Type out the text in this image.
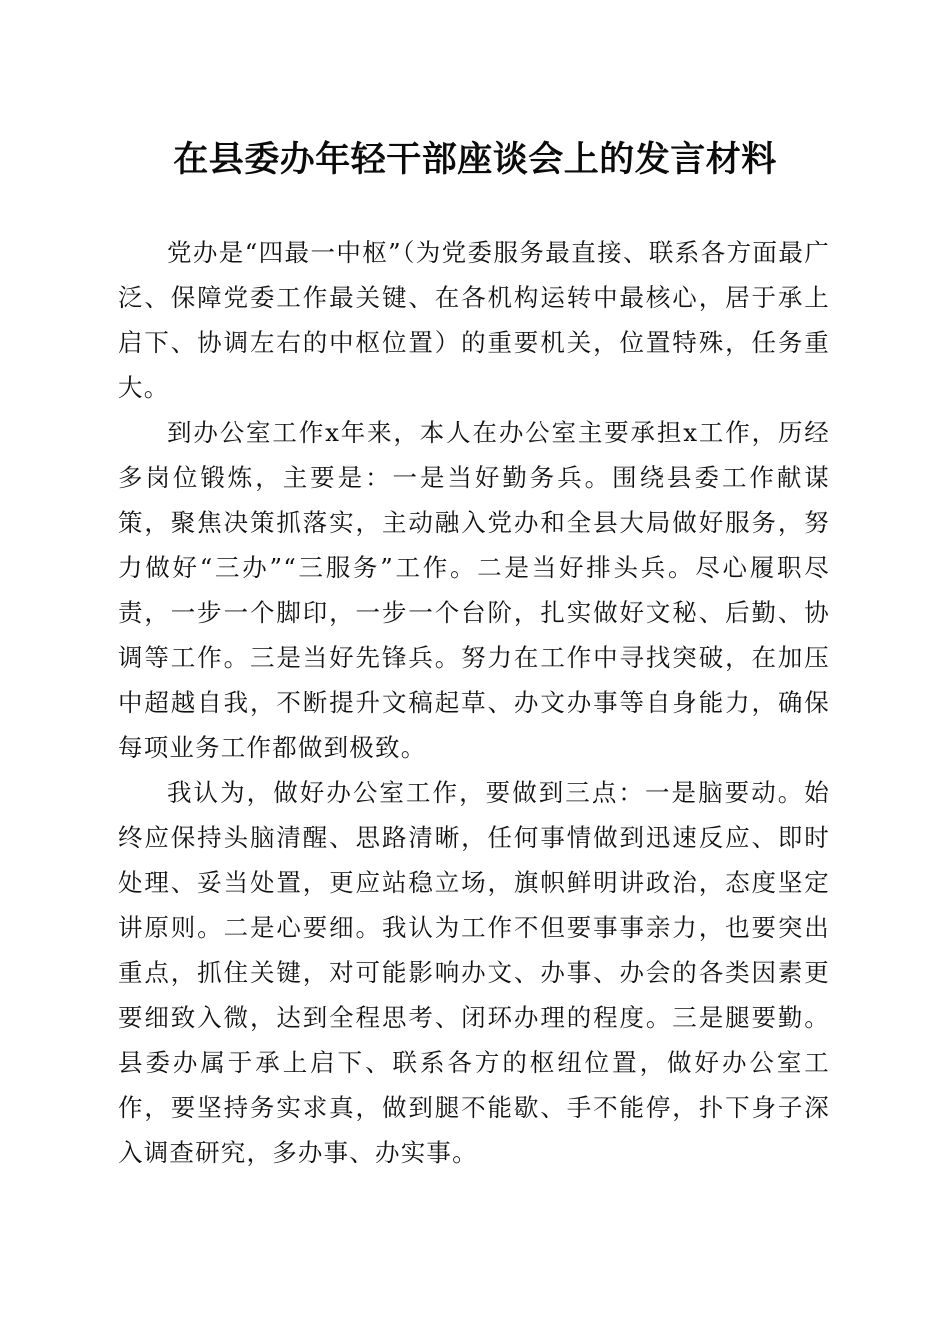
在县委办年轻干部座谈会上的发言材料

党办是“四最一中枢”（为党委服务最直接、联系各方面最广泛、保障党委工作最关键、在各机构运转中最核心，居于承上启下、协调左右的中枢位置）的重要机关，位置特殊，任务重大。

到办公室工作x年来，本人在办公室主要承担x工作，历经多岗位锻炼，主要是：一是当好勤务兵。围绕县委工作献谋策，聚焦决策抓落实，主动融入党办和全县大局做好服务，努力做好“三办”“三服务”工作。二是当好排头兵。尽心履职尽责，一步一个脚印，一步一个台阶，扎实做好文秘、后勤、协调等工作。三是当好先锋兵。努力在工作中寻找突破，在加压中超越自我，不断提升文稿起草、办文办事等自身能力，确保每项业务工作都做到极致。

我认为，做好办公室工作，要做到三点：一是脑要动。始终应保持头脑清醒、思路清晰，任何事情做到迅速反应、即时处理、妥当处置，更应站稳立场，旗帜鲜明讲政治，态度坚定讲原则。二是心要细。我认为工作不但要事事亲力，也要突出重点，抓住关键，对可能影响办文、办事、办会的各类因素更要细致入微，达到全程思考、闭环办理的程度。三是腿要勤。县委办属于承上启下、联系各方的枢纽位置，做好办公室工作，要坚持务实求真，做到腿不能歇、手不能停，扑下身子深入调查研究，多办事、办实事。
